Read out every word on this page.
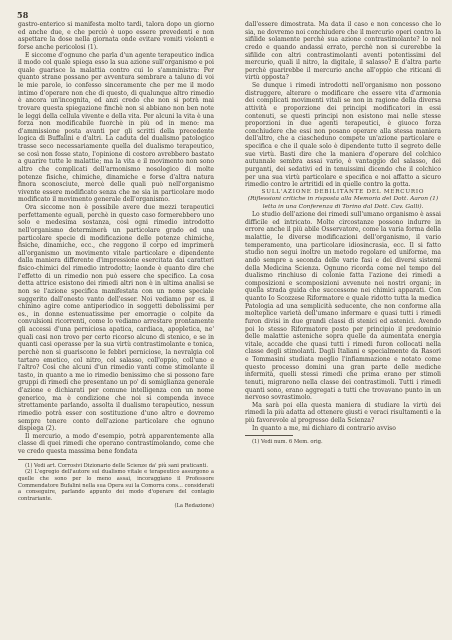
58

gastro-enterico si manifesta molto tardi, talora dopo un giorno ed anche due, e che perciò è uopo essere prevedenti e non aspettare la dose nella giornata onde evitare vomiti violenti e forse anche pericolosi (1).

E siccome d'ognuno che parla d'un agente terapeutico indica il modo col quale spiega esso la sua azione sull'organismo e poi quale guarisce la malattia contro cui lo s'amministra: Per quanto strane possano per avventura sembrare a taluno di voi le mie parole, io confesso sinceramente che per me il modo intimo d'operare non che di questo, di qualunque altro rimedio è ancora un'incognita, ed anzi credo che non si potrà mai trovare questa spiegazione finchè non si abbiano non ben note le leggi della cellula vivente e della vita. Per alcuni la vita è una forza non modificabile fuorchè in più od in meno: ma d'ammissione posta avanti per gli scritti della precedente logica di Buffalini e d'altri. La caduta del dualismo patologico trasse seco necessariamente quella del dualismo terapeutico, se così non fosse stato, l'opinione di costoro avrebbero bastato a guarire tutte le malattie; ma la vita e il movimento non sono altro che complicati dell'armonismo nosologico di molte potenze fisiche, chimiche, dinamiche e forse d'altra natura finora sconosciute, mercè delle quali può nell'organismo vivente essere modificato senza che ne sia in particolare modo modificato il movimento generale dell'organismo.

Ora siccome non è possibile avere due mezzi terapeutici perfettamente eguali, perchè in questo caso formerebbero uno solo e medesima sostanza, così ogni rimedio introdotto nell'organismo determinerà un particolare grado ed una particolare specie di modificazione delle potenze chimiche, fisiche, dinamiche, ecc., che reggono il corpo ed imprimerà all'organismo un movimento vitale particolare e dipendente dalla maniera differente d'impressione esercitata dai caratteri fisico-chimici del rimedio introdotto; laonde è quanto dire che l'effetto di un rimedio non può essere che specifico. La cosa detta attrice esistono dei rimedi altri non è in ultima analisi se non se l'azione specifica manifestata con un nome speciale suggerito dall'onesto vanto dell'esser. Noi vediamo per es. il chinino agire come antiperiodico in soggetti debolissimi per es., in donne estenuatissime per emorragie o colpite da convulsioni ricorrenti, come lo vediamo arrestare prontamente gli accessi d'una perniciosa apatica, cardiaca, apopletica, ne' quali casi non trovo per certo ricorso alcuno di stenico, e se in quanti casi operasse per la sua virtù contrastimolante e tonica, perchè non si guariscono le febbri perniciose, la nevralgia col tartaro emetico, col nitro, col salasso, coll'oppio, coll'uno e l'altro? Così che alcuni d'un rimedio vanti come stimolante il tasto, in quanto a me io rimedio benissimo che si possono fare gruppi di rimedi che presentano un po' di somiglianza generale d'azione e dichiarati per comune intelligenza con un nome generico, ma è condizione che noi si compenda invece strettamente parlando, assolta il dualismo terapeutico, nessun rimedio potrà esser con sostituzione d'uno altro e dovremo sempre tenere conto dell'azione particolare che ognuno dispiega (2).

Il mercurio, a modo d'esempio, potrà apparentemente alla classe di quei rimedi che operano contrastimolando, come che ve credo questa massima bene fondata

(1) Vedi art. Corrosivi Dizionario delle Scienze da' più sani praticanti.

(2) L'egregio dell'autore sul dualismo vitale e terapeutico assurgono a quelle che sono per lo meno assai, incoraggiano il Professore Commendatore Bufalini nella sua Opera sui la Comorra cons... considerati a conseguire, parlando appunto dei modo d'operare del contagio contrariante.

(La Redazione)

dall'essere dimostrata. Ma data il caso e non concesso che lo sia, ne dovremo noi conchiudere che il mercurio operi contro la sifilide solamente perchè sua azione contrastimolante? lo nol credo e quando andassi errato, perchè non si curerebbe la sifilide con altri contrastimolanti aventi potentissimi del mercurio, quali il nitro, la digitale, il salasso? E d'altra parte perchè guarirebbe il mercurio anche all'oppio che riticani di virtù opposta?

Se dunque i rimedi introdotti nell'organismo non possono distruggere, alterare o modificare che essere vita d'armonia dei complicati movimenti vitali se non in ragione della diversa attività e proporzione dei principi modificatori in essi contenuti, se questi principi non esistono mai nelle stesse proporzioni in due agenti terapeutici, è giuoco forza conchiudere che essi non posano operare alla stessa maniera dell'altro, che a ciascheduno compete un'azione particolare e specifica e che il quale solo è dipendente tutto il segreto delle sue virtù. Basti dire che la maniera d'operare del colchico autunnale sembra assai vario, è vantaggio del salasso, dei purganti, dei sedativi ed in tenuissimi dicendo che il colchico per una sua virtù particolare e specifica e noi affatto a sicuro rimedio contro le artritidi ed in quelle contro la gotta.

SULL'AZIONE DEBILITANTE DEL MERCURIO

(Riflessioni critiche in risposta alla Memoria del Dott. Aaron (1) letta in una Conferenza di Torino dal Dott. Cav. Galli).

Lo studio dell'azione dei rimedi sull'umano organismo è assai difficile ed intricato. Molte circostanze possono indurre in errore anche il più abile Osservatore, come la varia forma della malattie, le diverse modificazioni dell'organismo, il vario temperamento, una particolare idiosincrasia, ecc. Il si fatto studio non segui inoltre un metodo regolare ed uniforme, ma andò sempre a seconda delle varie fasi e dei diversi sistemi della Medicina Scienza. Ognuno ricorda come nel tempo del dualismo rinchiuso di colonie fatta l'azione dei rimedi a composizioni e scomposizioni avvenute nei nostri organi; in quella strada guida che successone nei chimici apparati. Con quanto Io Scozzese Riformatore e quale ridotto tutta la medica Patologia ad una semplicità seducente, che non conforme alla molteplice varietà dell'umano infermare e quasi tutti i rimedi furon divisi in due grandi classi di stenici ed astenici. Avendo poi lo stesso Riformatore posto per principio il predominio delle malattie asteniche sopra quelle da aumentata energia vitale, accadde che quasi tutti i rimedi furon collocati nella classe degli stimolanti. Dagli Italiani e specialmente da Rasori e Tommasini studiata meglio l'infiammazione e notato come questo processo domini una gran parte delle mediche infermità, quelli stessi rimedi che prima erano per stimoli tenuti, migrarono nella classe dei contrastimoli. Tutti i rimedi quanti sono, erano aggregati a tutti che trovavano punto in un nervoso sovrastimolo.

Ma sarà poi ella questa maniera di studiare la virtù dei rimedi la più adatta ad ottenere giusti e veraci risultamenti e la più favorevole al progresso della Scienza?

In quanto a me, mi dichiaro di contrario avviso

(1) Vedi num. 6 Mem. orig.
